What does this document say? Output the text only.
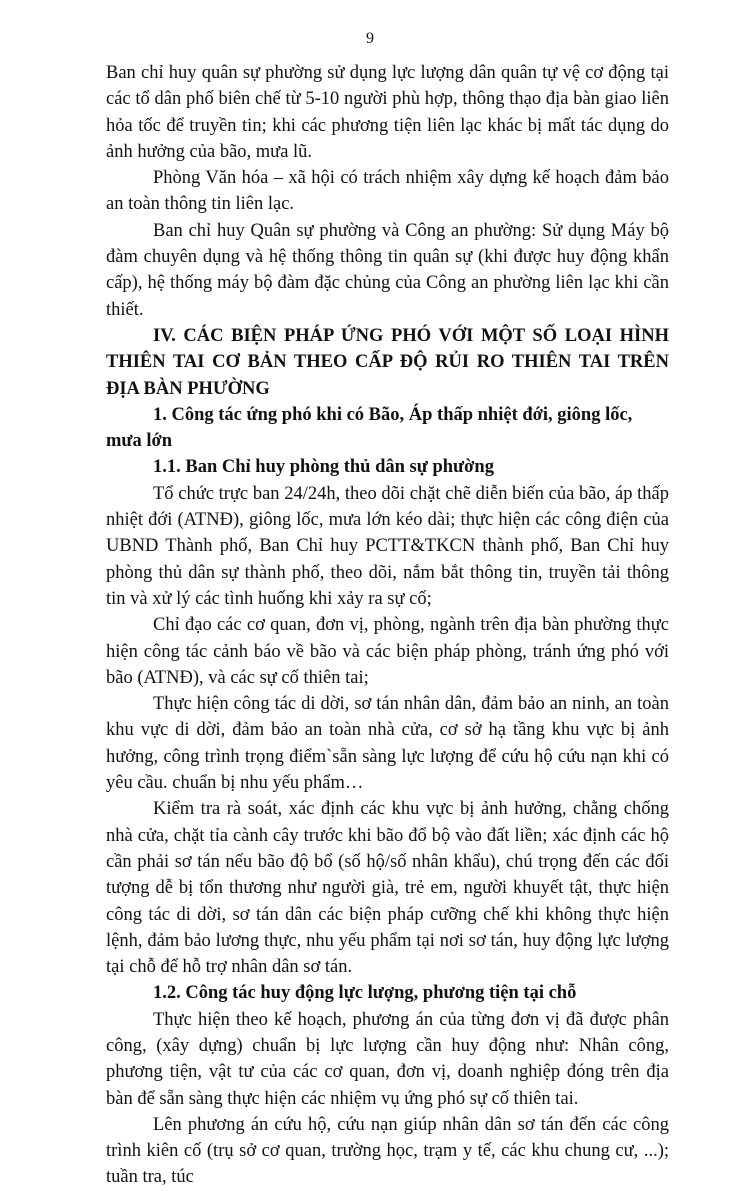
9

Ban chỉ huy quân sự phường sử dụng lực lượng dân quân tự vệ cơ động tại các tổ dân phố biên chế từ 5-10 người phù hợp, thông thạo địa bàn giao liên hỏa tốc để truyền tin; khi các phương tiện liên lạc khác bị mất tác dụng do ảnh hưởng của bão, mưa lũ.

Phòng Văn hóa – xã hội có trách nhiệm xây dựng kế hoạch đảm bảo an toàn thông tin liên lạc.

Ban chỉ huy Quân sự phường và Công an phường: Sử dụng Máy bộ đàm chuyên dụng và hệ thống thông tin quân sự (khi được huy động khẩn cấp), hệ thống máy bộ đàm đặc chủng của Công an phường liên lạc khi cần thiết.

IV. CÁC BIỆN PHÁP ỨNG PHÓ VỚI MỘT SỐ LOẠI HÌNH THIÊN TAI CƠ BẢN THEO CẤP ĐỘ RỦI RO THIÊN TAI TRÊN ĐỊA BÀN PHƯỜNG
1. Công tác ứng phó khi có Bão, Áp thấp nhiệt đới, giông lốc, mưa lớn
1.1. Ban Chỉ huy phòng thủ dân sự phường

Tổ chức trực ban 24/24h, theo dõi chặt chẽ diễn biến của bão, áp thấp nhiệt đới (ATNĐ), giông lốc, mưa lớn kéo dài; thực hiện các công điện của UBND Thành phố, Ban Chỉ huy PCTT&TKCN thành phố, Ban Chỉ huy phòng thủ dân sự thành phố, theo dõi, nắm bắt thông tin, truyền tải thông tin và xử lý các tình huống khi xảy ra sự cố;

Chỉ đạo các cơ quan, đơn vị, phòng, ngành trên địa bàn phường thực hiện công tác cảnh báo về bão và các biện pháp phòng, tránh ứng phó với bão (ATNĐ), và các sự cố thiên tai;

Thực hiện công tác di dời, sơ tán nhân dân, đảm bảo an ninh, an toàn khu vực di dời, đảm bảo an toàn nhà cửa, cơ sở hạ tầng khu vực bị ảnh hưởng, công trình trọng điểm`sẵn sàng lực lượng để cứu hộ cứu nạn khi có yêu cầu. chuẩn bị nhu yếu phẩm…

Kiểm tra rà soát, xác định các khu vực bị ảnh hưởng, chằng chống nhà cửa, chặt tỉa cành cây trước khi bão đổ bộ vào đất liền; xác định các hộ cần phải sơ tán nếu bão độ bổ (số hộ/số nhân khẩu), chú trọng đến các đối tượng dễ bị tổn thương như người già, trẻ em, người khuyết tật, thực hiện công tác di dời, sơ tán dân các biện pháp cưỡng chế khi không thực hiện lệnh, đảm bảo lương thực, nhu yếu phẩm tại nơi sơ tán, huy động lực lượng tại chỗ để hỗ trợ nhân dân sơ tán.

1.2. Công tác huy động lực lượng, phương tiện tại chỗ

Thực hiện theo kế hoạch, phương án của từng đơn vị đã được phân công, (xây dựng) chuẩn bị lực lượng cần huy động như: Nhân công, phương tiện, vật tư của các cơ quan, đơn vị, doanh nghiệp đóng trên địa bàn để sẵn sàng thực hiện các nhiệm vụ ứng phó sự cố thiên tai.

Lên phương án cứu hộ, cứu nạn giúp nhân dân sơ tán đến các công trình kiên cố (trụ sở cơ quan, trường học, trạm y tế, các khu chung cư, ...); tuần tra, túc
